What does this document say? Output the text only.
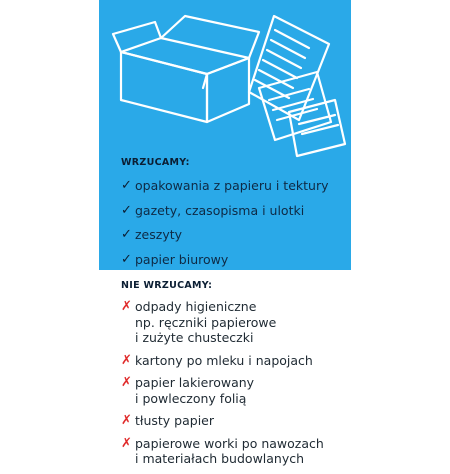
WRZUCAMY:
✓ opakowania z papieru i tektury
✓ gazety, czasopisma i ulotki
✓ zeszyty
✓ papier biurowy
NIE WRZUCAMY:
✗ odpady higieniczne
np. ręczniki papierowe
i zużyte chusteczki
✗ kartony po mleku i napojach
✗ papier lakierowany
i powleczony folią
✗ tłusty papier
✗ papierowe worki po nawozach
i materiałach budowlanych
